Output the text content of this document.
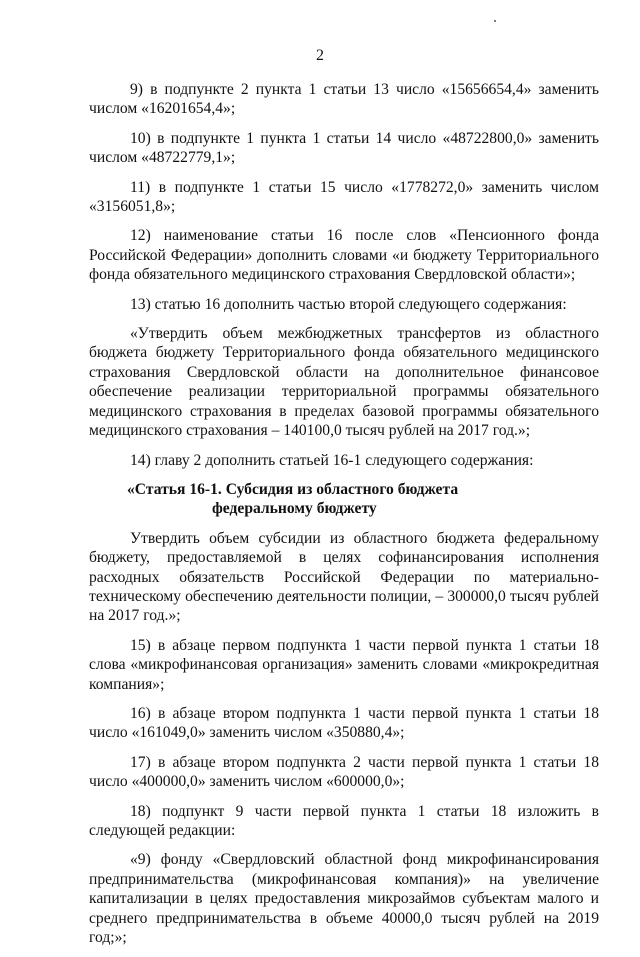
2

9) в подпункте 2 пункта 1 статьи 13 число «15656654,4» заменить числом «16201654,4»;

10) в подпункте 1 пункта 1 статьи 14 число «48722800,0» заменить числом «48722779,1»;

11) в подпункте 1 статьи 15 число «1778272,0» заменить числом «3156051,8»;

12) наименование статьи 16 после слов «Пенсионного фонда Российской Федерации» дополнить словами «и бюджету Территориального фонда обязательного медицинского страхования Свердловской области»;

13) статью 16 дополнить частью второй следующего содержания:

«Утвердить объем межбюджетных трансфертов из областного бюджета бюджету Территориального фонда обязательного медицинского страхования Свердловской области на дополнительное финансовое обеспечение реализации территориальной программы обязательного медицинского страхования в пределах базовой программы обязательного медицинского страхования – 140100,0 тысяч рублей на 2017 год.»;

14) главу 2 дополнить статьей 16-1 следующего содержания:

«Статья 16-1. Субсидия из областного бюджета
федеральному бюджету

Утвердить объем субсидии из областного бюджета федеральному бюджету, предоставляемой в целях софинансирования исполнения расходных обязательств Российской Федерации по материально-техническому обеспечению деятельности полиции, – 300000,0 тысяч рублей на 2017 год.»;

15) в абзаце первом подпункта 1 части первой пункта 1 статьи 18 слова «микрофинансовая организация» заменить словами «микрокредитная компания»;

16) в абзаце втором подпункта 1 части первой пункта 1 статьи 18 число «161049,0» заменить числом «350880,4»;

17) в абзаце втором подпункта 2 части первой пункта 1 статьи 18 число «400000,0» заменить числом «600000,0»;

18) подпункт 9 части первой пункта 1 статьи 18 изложить в следующей редакции:

«9) фонду «Свердловский областной фонд микрофинансирования предпринимательства (микрофинансовая компания)» на увеличение капитализации в целях предоставления микрозаймов субъектам малого и среднего предпринимательства в объеме 40000,0 тысяч рублей на 2019 год;»;
